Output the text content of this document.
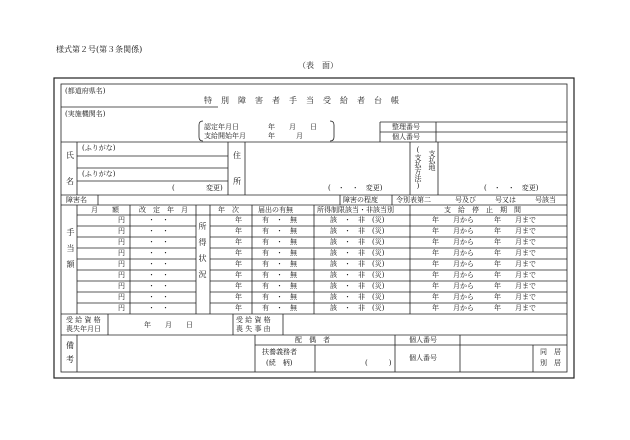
様式第２号(第３条関係)
（表　面）
(都道府県名)
特　別　障　害　者　手　当　受　給　者　台　帳
(実施機関名)
認定年月日	年　　月　　日
支給開始年月	年　　　月
整理番号
個人番号
氏
名
(ふりがな)
(ふりがな)
(	変更)
住
所
(　・　・　変更)	(支払方法) 支払地
(　・　・　変更)
障害名	障害の程度	令別表第二	号及び	号又は	号該当
手　当　額	所　得　状　況
月　　額	改　定　年　月	年　次	届出の有無	所得制限該当・非該当別	支　給　停　止　期　間
円	・　・	年	有　・　無	該　・　非　(災)	年　　月から	年　　月まで
円	・　・	年	有　・　無	該　・　非　(災)	年　　月から	年　　月まで
円	・　・	年	有　・　無	該　・　非　(災)	年　　月から	年　　月まで
円	・　・	年	有　・　無	該　・　非　(災)	年　　月から	年　　月まで
円	・　・	年	有　・　無	該　・　非　(災)	年　　月から	年　　月まで
円	・　・	年	有　・　無	該　・　非　(災)	年　　月から	年　　月まで
円	・　・	年	有　・　無	該　・　非　(災)	年　　月から	年　　月まで
円	・　・	年	有　・　無	該　・　非　(災)	年　　月から	年　　月まで
円	・　・	年	有　・　無	該　・　非　(災)	年　　月から	年　　月まで
受 給 資 格
喪失年月日	年　　月　　日
受 給 資 格
喪 失 事 由
備
考
配　偶　者
扶養義務者
(続　柄)	(　　　)
個人番号
個人番号
同　居
別　居
